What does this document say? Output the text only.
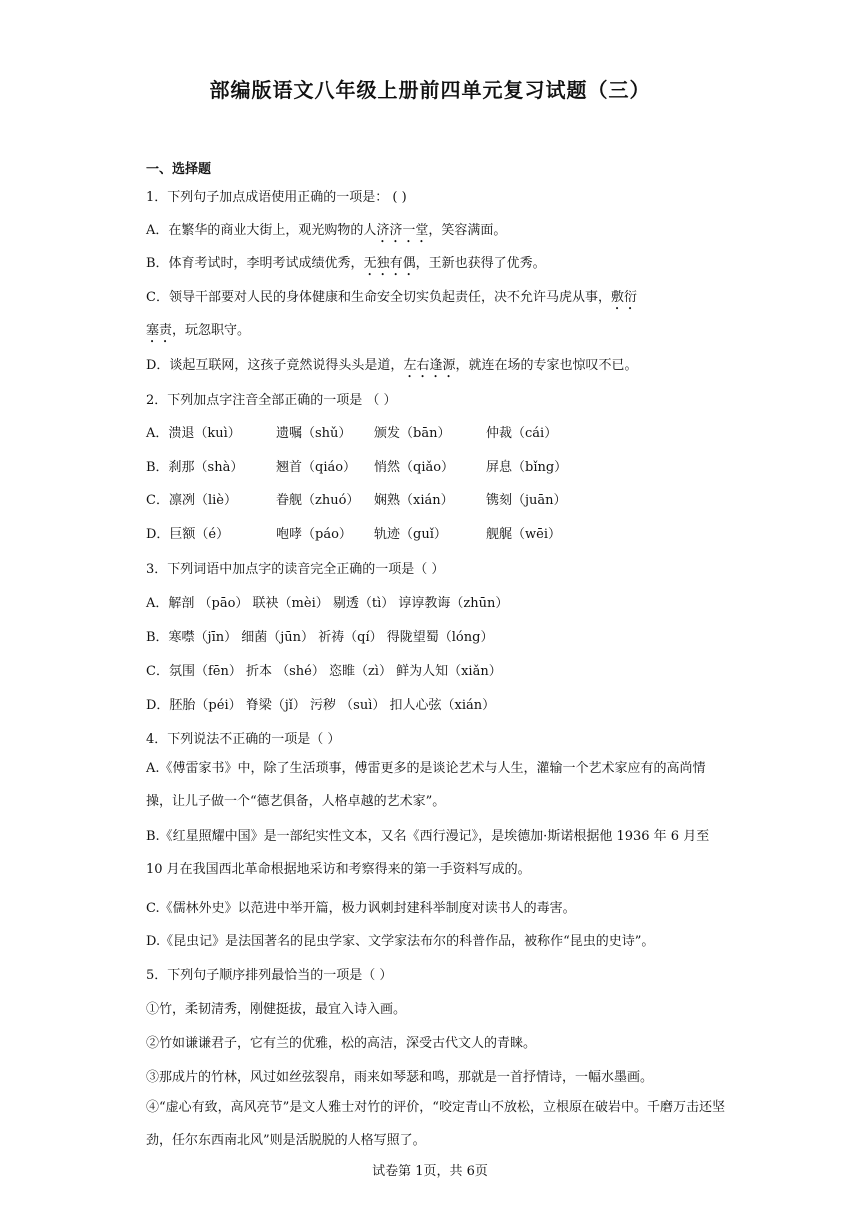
部编版语文八年级上册前四单元复习试题（三）
一、选择题
1．下列句子加点成语使用正确的一项是： ( )
A．在繁华的商业大街上，观光购物的人济济一堂，笑容满面。
B．体育考试时，李明考试成绩优秀，无独有偶，王新也获得了优秀。
C．领导干部要对人民的身体健康和生命安全切实负起责任，决不允许马虎从事，敷衍
塞责，玩忽职守。
D．谈起互联网，这孩子竟然说得头头是道，左右逢源，就连在场的专家也惊叹不已。
2．下列加点字注音全部正确的一项是 （ ）
A．溃退（kuì）	遗嘱（shǔ） 颁发（bān）	仲裁（cái）
B．刹那（shà）	翘首（qiáo） 悄然（qiǎo） 屏息（bǐng）
C．凛冽（liè）	眷舰（zhuó） 娴熟（xián） 镌刻（juān）
D．巨额（é）	咆哮（páo） 轨迹（guǐ）	舰艉（wēi）
3．下列词语中加点字的读音完全正确的一项是（ ）
A．解剖 （pāo） 联袂（mèi） 剔透（tì） 谆谆教诲（zhūn）
B．寒噤（jīn） 细菌（jūn） 祈祷（qí） 得陇望蜀（lóng）
C．氛围（fēn） 折本 （shé） 恣睢（zì） 鲜为人知（xiǎn）
D．胚胎（péi） 脊梁（jǐ） 污秽 （suì） 扣人心弦（xián）
4．下列说法不正确的一项是（ ）
A.《傅雷家书》中，除了生活琐事，傅雷更多的是谈论艺术与人生，灌输一个艺术家应有的高尚情操，让儿子做一个“德艺俱备，人格卓越的艺术家”。
B.《红星照耀中国》是一部纪实性文本，又名《西行漫记》，是埃德加·斯诺根据他 1936 年 6 月至 10 月在我国西北革命根据地采访和考察得来的第一手资料写成的。
C.《儒林外史》以范进中举开篇，极力讽刺封建科举制度对读书人的毒害。
D.《昆虫记》是法国著名的昆虫学家、文学家法布尔的科普作品，被称作“昆虫的史诗”。
5．下列句子顺序排列最恰当的一项是（ ）
①竹，柔韧清秀，刚健挺拔，最宜入诗入画。
②竹如谦谦君子，它有兰的优雅，松的高洁，深受古代文人的青睐。
③那成片的竹林，风过如丝弦裂帛，雨来如琴瑟和鸣，那就是一首抒情诗，一幅水墨画。
④“虚心有致，高风亮节”是文人雅士对竹的评价，“咬定青山不放松，立根原在破岩中。千磨万击还坚劲，任尔东西南北风”则是活脱脱的人格写照了。
试卷第 1页，共 6页
